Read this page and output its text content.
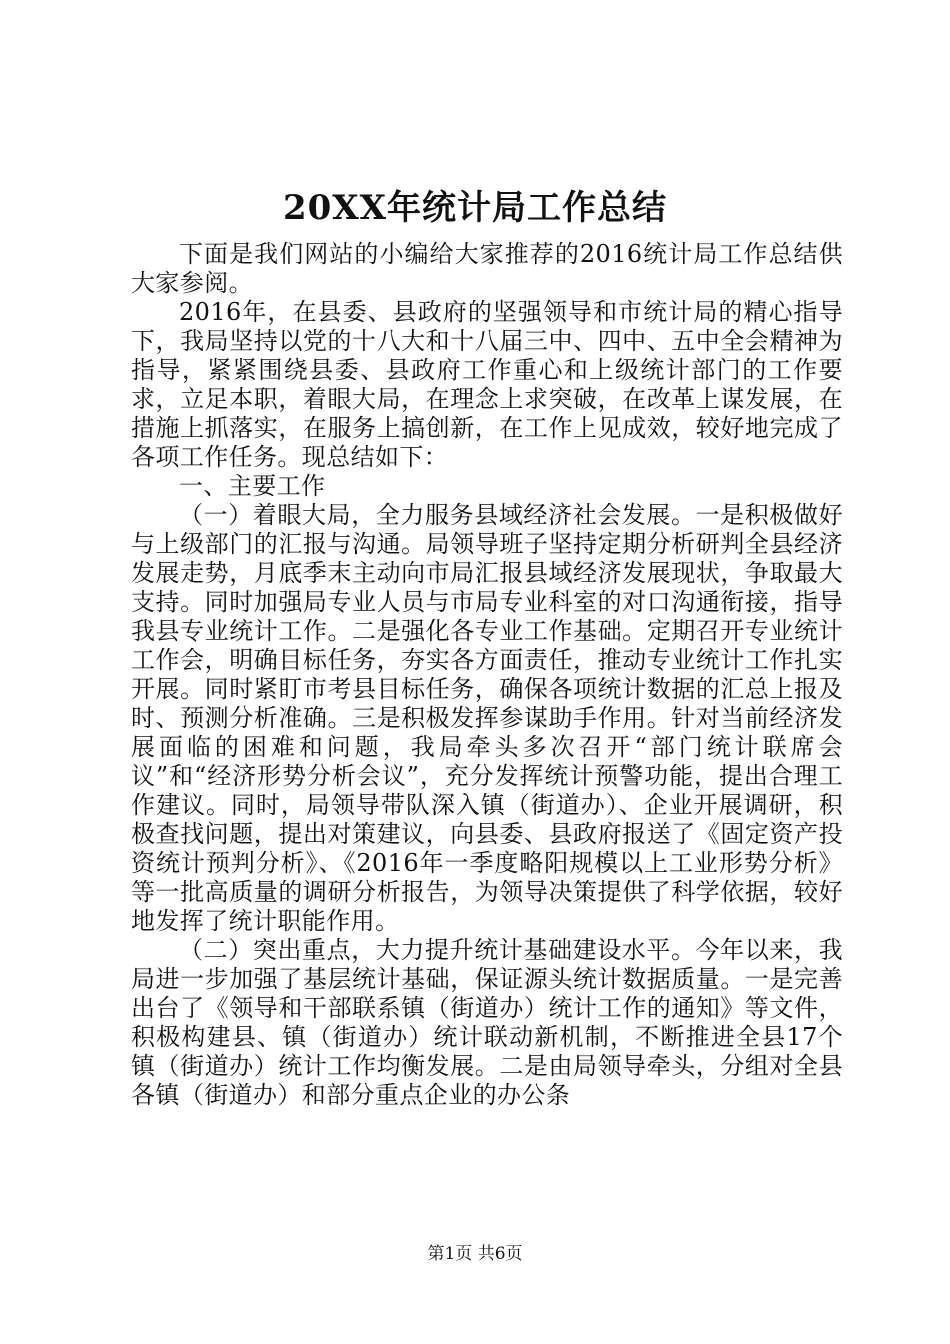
20XX年统计局工作总结

下面是我们网站的小编给大家推荐的2016统计局工作总结供大家参阅。

2016年，在县委、县政府的坚强领导和市统计局的精心指导下，我局坚持以党的十八大和十八届三中、四中、五中全会精神为指导，紧紧围绕县委、县政府工作重心和上级统计部门的工作要求，立足本职，着眼大局，在理念上求突破，在改革上谋发展，在措施上抓落实，在服务上搞创新，在工作上见成效，较好地完成了各项工作任务。现总结如下：

一、主要工作

（一）着眼大局，全力服务县域经济社会发展。一是积极做好与上级部门的汇报与沟通。局领导班子坚持定期分析研判全县经济发展走势，月底季末主动向市局汇报县域经济发展现状，争取最大支持。同时加强局专业人员与市局专业科室的对口沟通衔接，指导我县专业统计工作。二是强化各专业工作基础。定期召开专业统计工作会，明确目标任务，夯实各方面责任，推动专业统计工作扎实开展。同时紧盯市考县目标任务，确保各项统计数据的汇总上报及时、预测分析准确。三是积极发挥参谋助手作用。针对当前经济发展面临的困难和问题，我局牵头多次召开“部门统计联席会议”和“经济形势分析会议”，充分发挥统计预警功能，提出合理工作建议。同时，局领导带队深入镇（街道办）、企业开展调研，积极查找问题，提出对策建议，向县委、县政府报送了《固定资产投资统计预判分析》、《2016年一季度略阳规模以上工业形势分析》等一批高质量的调研分析报告，为领导决策提供了科学依据，较好地发挥了统计职能作用。

（二）突出重点，大力提升统计基础建设水平。今年以来，我局进一步加强了基层统计基础，保证源头统计数据质量。一是完善出台了《领导和干部联系镇（街道办）统计工作的通知》等文件，积极构建县、镇（街道办）统计联动新机制，不断推进全县17个镇（街道办）统计工作均衡发展。二是由局领导牵头，分组对全县各镇（街道办）和部分重点企业的办公条

第1页 共6页
